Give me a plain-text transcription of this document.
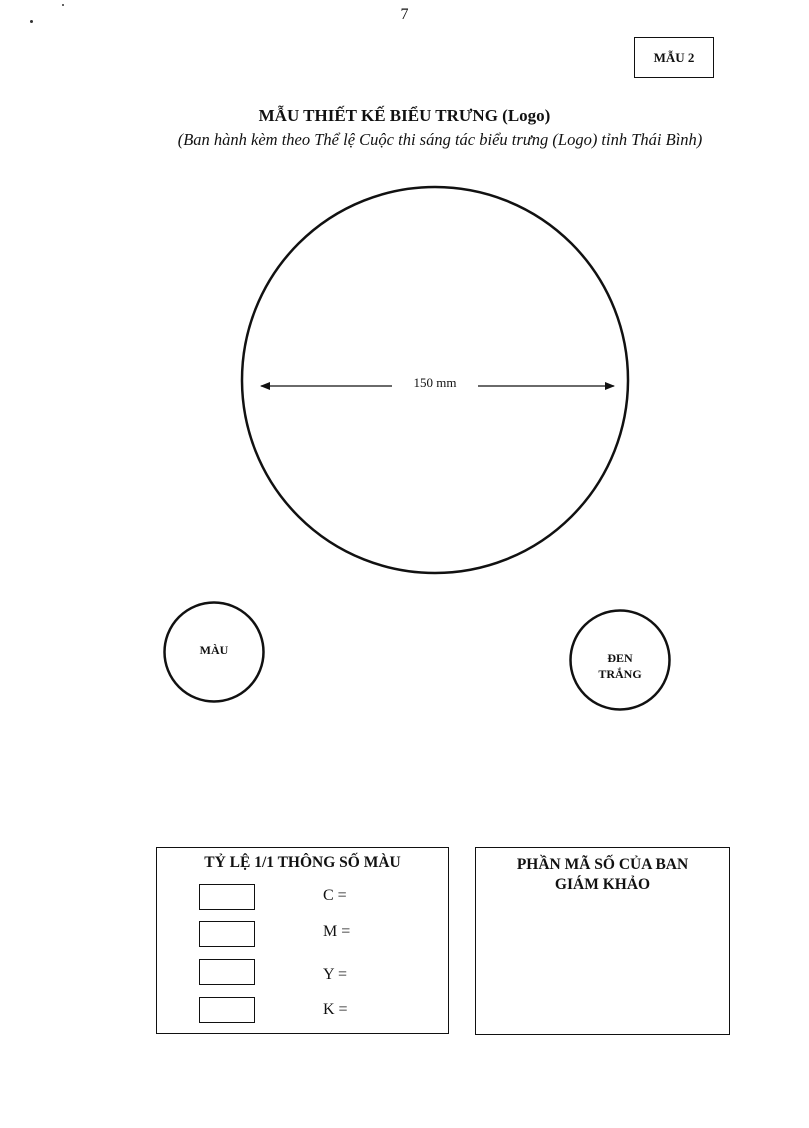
7
MẪU 2
MẪU THIẾT KẾ BIỂU TRƯNG (Logo)
(Ban hành kèm theo Thể lệ Cuộc thi sáng tác biểu trưng (Logo) tỉnh Thái Bình)
150 mm
MÀU
ĐEN
TRẮNG
TỶ LỆ 1/1 THÔNG SỐ MÀU
C =
M =
Y =
K =
PHẦN MÃ SỐ CỦA BAN
GIÁM KHẢO
